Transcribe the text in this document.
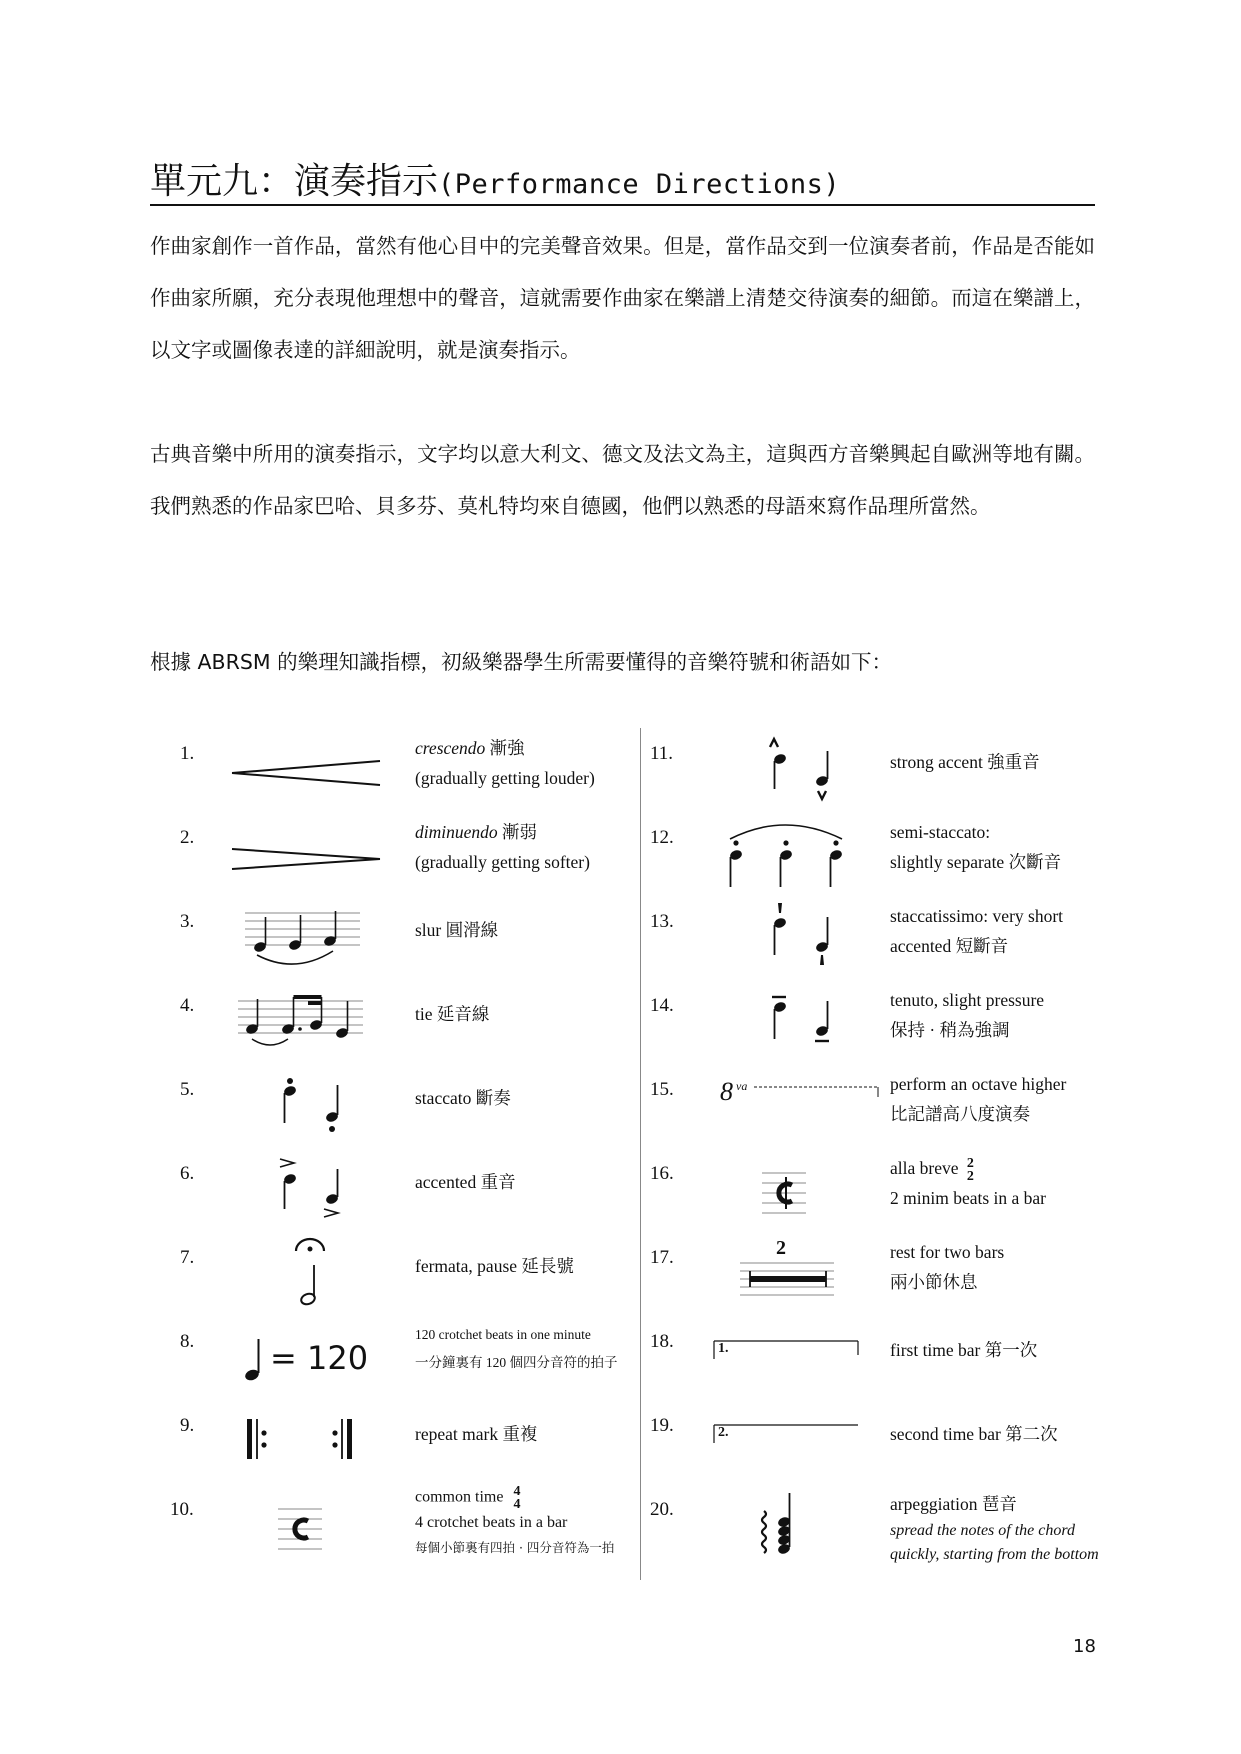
單元九：演奏指示(Performance Directions)

作曲家創作一首作品，當然有他心目中的完美聲音效果。但是，當作品交到一位演奏者前，作品是否能如作曲家所願，充分表現他理想中的聲音，這就需要作曲家在樂譜上清楚交待演奏的細節。而這在樂譜上，以文字或圖像表達的詳細說明，就是演奏指示。

古典音樂中所用的演奏指示，文字均以意大利文、德文及法文為主，這與西方音樂興起自歐洲等地有關。我們熟悉的作品家巴哈、貝多芬、莫札特均來自德國，他們以熟悉的母語來寫作品理所當然。

根據 ABRSM 的樂理知識指標，初級樂器學生所需要懂得的音樂符號和術語如下：

1.	crescendo 漸強
(gradually getting louder)
2.	diminuendo 漸弱
(gradually getting softer)
3.	slur 圓滑線
4.	tie 延音線
5.	staccato 斷奏
6.	accented 重音
7.	fermata, pause 延長號
8. = 120
120 crotchet beats in one minute
一分鐘裏有 120 個四分音符的拍子
9.	repeat mark 重複
10.
common time 4
4
4 crotchet beats in a bar
每個小節裏有四拍 · 四分音符為一拍
11.	strong accent 強重音
12.	semi-staccato:
slightly separate 次斷音
13.	staccatissimo: very short
accented 短斷音
14.	tenuto, slight pressure
保持 · 稍為強調
15. 8 va	perform an octave higher
比記譜高八度演奏
16.	alla breve 2
2
2 minim beats in a bar
17.	2	rest for two bars
兩小節休息
18.	1.	first time bar 第一次
19.	2.	second time bar 第二次
20.	arpeggiation 琶音
spread the notes of the chord
quickly, starting from the bottom
18
